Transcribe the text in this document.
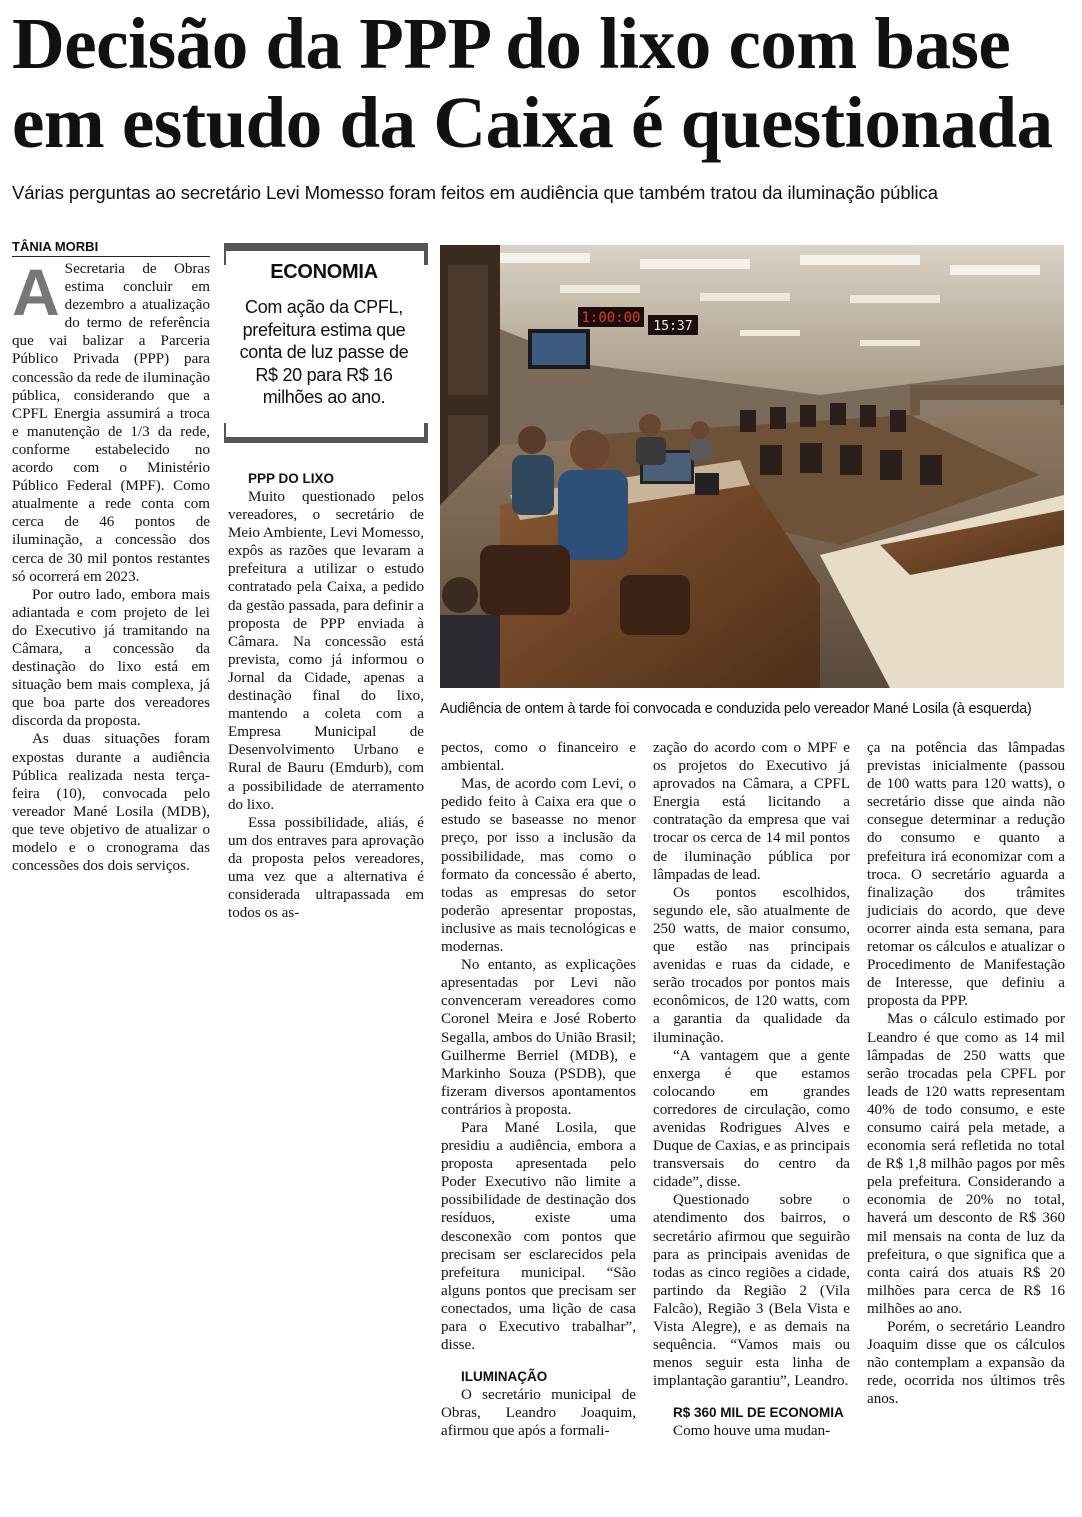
Decisão da PPP do lixo com base em estudo da Caixa é questionada
Várias perguntas ao secretário Levi Momesso foram feitos em audiência que também tratou da iluminação pública
TÂNIA MORBI

A Secretaria de Obras estima concluir em dezembro a atualização do termo de referência que vai balizar a Parceria Público Privada (PPP) para concessão da rede de iluminação pública, considerando que a CPFL Energia assumirá a troca e manutenção de 1/3 da rede, conforme estabelecido no acordo com o Ministério Público Federal (MPF). Como atualmente a rede conta com cerca de 46 pontos de iluminação, a concessão dos cerca de 30 mil pontos restantes só ocorrerá em 2023.

Por outro lado, embora mais adiantada e com projeto de lei do Executivo já tramitando na Câmara, a concessão da destinação do lixo está em situação bem mais complexa, já que boa parte dos vereadores discorda da proposta.

As duas situações foram expostas durante a audiência Pública realizada nesta terça-feira (10), convocada pelo vereador Mané Losila (MDB), que teve objetivo de atualizar o modelo e o cronograma das concessões dos dois serviços.

ECONOMIA
Com ação da CPFL, prefeitura estima que conta de luz passe de R$ 20 para R$ 16 milhões ao ano.

PPP DO LIXO

Muito questionado pelos vereadores, o secretário de Meio Ambiente, Levi Momesso, expôs as razões que levaram a prefeitura a utilizar o estudo contratado pela Caixa, a pedido da gestão passada, para definir a proposta de PPP enviada à Câmara. Na concessão está prevista, como já informou o Jornal da Cidade, apenas a destinação final do lixo, mantendo a coleta com a Empresa Municipal de Desenvolvimento Urbano e Rural de Bauru (Emdurb), com a possibilidade de aterramento do lixo.

Essa possibilidade, aliás, é um dos entraves para aprovação da proposta pelos vereadores, uma vez que a alternativa é considerada ultrapassada em todos os as-

1:00:00
15:37
Audiência de ontem à tarde foi convocada e conduzida pelo vereador Mané Losila (à esquerda)

pectos, como o financeiro e ambiental.

Mas, de acordo com Levi, o pedido feito à Caixa era que o estudo se baseasse no menor preço, por isso a inclusão da possibilidade, mas como o formato da concessão é aberto, todas as empresas do setor poderão apresentar propostas, inclusive as mais tecnológicas e modernas.

No entanto, as explicações apresentadas por Levi não convenceram vereadores como Coronel Meira e José Roberto Segalla, ambos do União Brasil; Guilherme Berriel (MDB), e Markinho Souza (PSDB), que fizeram diversos apontamentos contrários à proposta.

Para Mané Losila, que presidiu a audiência, embora a proposta apresentada pelo Poder Executivo não limite a possibilidade de destinação dos resíduos, existe uma desconexão com pontos que precisam ser esclarecidos pela prefeitura municipal. “São alguns pontos que precisam ser conectados, uma lição de casa para o Executivo trabalhar”, disse.

ILUMINAÇÃO

O secretário municipal de Obras, Leandro Joaquim, afirmou que após a formali-

zação do acordo com o MPF e os projetos do Executivo já aprovados na Câmara, a CPFL Energia está licitando a contratação da empresa que vai trocar os cerca de 14 mil pontos de iluminação pública por lâmpadas de lead.

Os pontos escolhidos, segundo ele, são atualmente de 250 watts, de maior consumo, que estão nas principais avenidas e ruas da cidade, e serão trocados por pontos mais econômicos, de 120 watts, com a garantia da qualidade da iluminação.

“A vantagem que a gente enxerga é que estamos colocando em grandes corredores de circulação, como avenidas Rodrigues Alves e Duque de Caxias, e as principais transversais do centro da cidade”, disse.

Questionado sobre o atendimento dos bairros, o secretário afirmou que seguirão para as principais avenidas de todas as cinco regiões a cidade, partindo da Região 2 (Vila Falcão), Região 3 (Bela Vista e Vista Alegre), e as demais na sequência. “Vamos mais ou menos seguir esta linha de implantação garantiu”, Leandro.

R$ 360 MIL DE ECONOMIA

Como houve uma mudan-

ça na potência das lâmpadas previstas inicialmente (passou de 100 watts para 120 watts), o secretário disse que ainda não consegue determinar a redução do consumo e quanto a prefeitura irá economizar com a troca. O secretário aguarda a finalização dos trâmites judiciais do acordo, que deve ocorrer ainda esta semana, para retomar os cálculos e atualizar o Procedimento de Manifestação de Interesse, que definiu a proposta da PPP.

Mas o cálculo estimado por Leandro é que como as 14 mil lâmpadas de 250 watts que serão trocadas pela CPFL por leads de 120 watts representam 40% de todo consumo, e este consumo cairá pela metade, a economia será refletida no total de R$ 1,8 milhão pagos por mês pela prefeitura. Considerando a economia de 20% no total, haverá um desconto de R$ 360 mil mensais na conta de luz da prefeitura, o que significa que a conta cairá dos atuais R$ 20 milhões para cerca de R$ 16 milhões ao ano.

Porém, o secretário Leandro Joaquim disse que os cálculos não contemplam a expansão da rede, ocorrida nos últimos três anos.
